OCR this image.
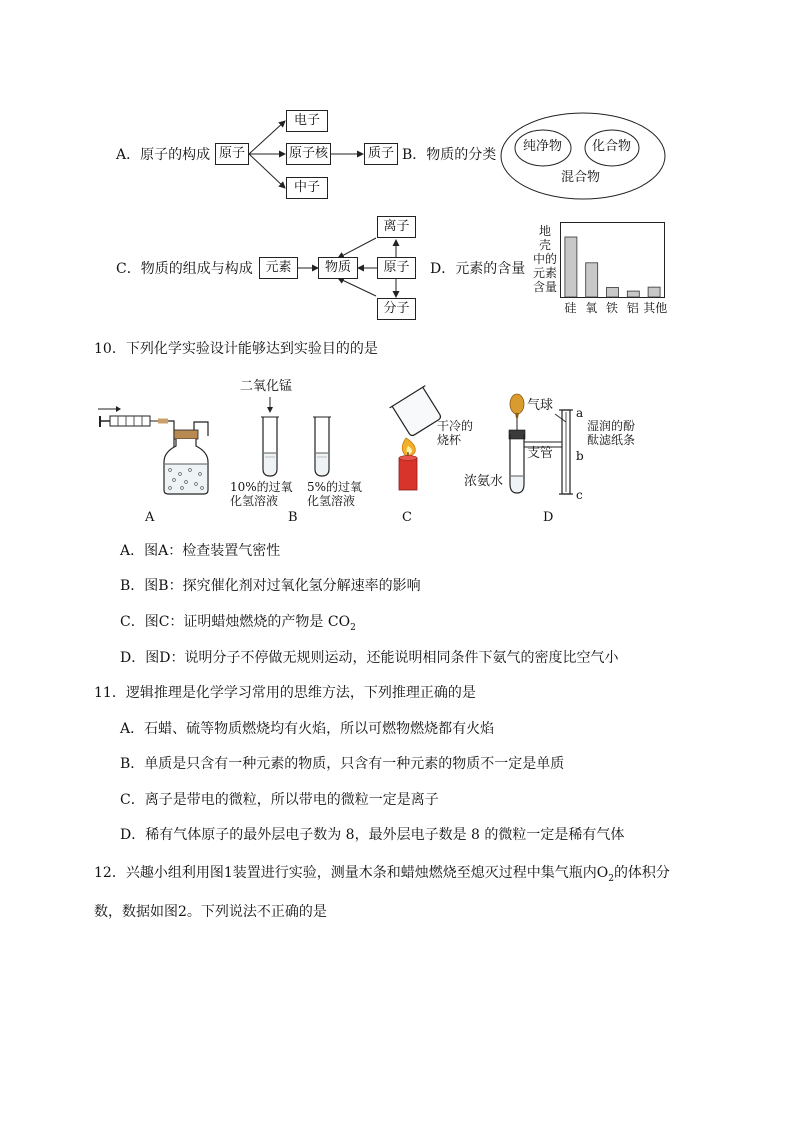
A．原子的构成 原子
电子
原子核
中子
质子 B．物质的分类
纯净物 化合物
混合物
C．物质的组成与构成 元素	物质	原子
离子
分子
D．元素的含量
地
壳
中的
元素
含量
硅 氧 铁 铝 其他
10．下列化学实验设计能够达到实验目的的是
A
二氧化锰
10%的过氧
化氢溶液
5%的过氧
化氢溶液
B
干冷的
烧杯
C
a
b
c
气球
湿润的酚
酞滤纸条
支管
浓氨水
D
A．图A：检查装置气密性
B．图B：探究催化剂对过氧化氢分解速率的影响
C．图C：证明蜡烛燃烧的产物是 $CO_2$
D．图D：说明分子不停做无规则运动，还能说明相同条件下氨气的密度比空气小
11．逻辑推理是化学学习常用的思维方法，下列推理正确的是
A．石蜡、硫等物质燃烧均有火焰，所以可燃物燃烧都有火焰
B．单质是只含有一种元素的物质，只含有一种元素的物质不一定是单质
C．离子是带电的微粒，所以带电的微粒一定是离子
D．稀有气体原子的最外层电子数为 8，最外层电子数是 8 的微粒一定是稀有气体
12．兴趣小组利用图1装置进行实验，测量木条和蜡烛燃烧至熄灭过程中集气瓶内$O_2$的体积分
数，数据如图2。下列说法不正确的是
